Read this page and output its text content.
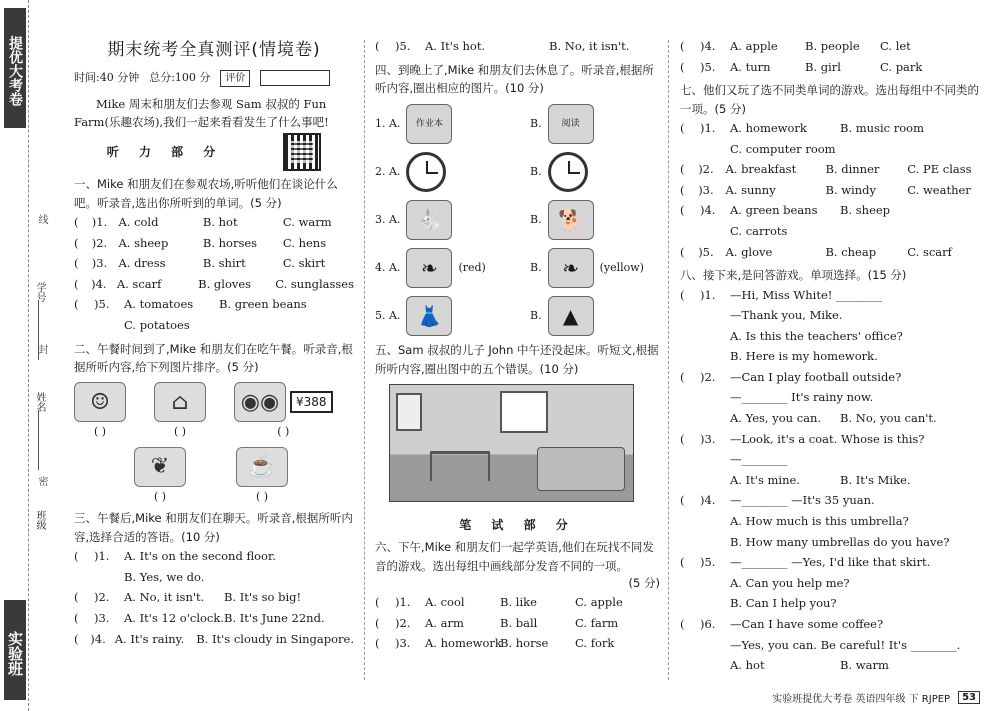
提优大考卷
线
学号
封
姓名
密
班级
实验班
期末统考全真测评(情境卷)
时间:40 分钟 总分:100 分	评价
Mike 周末和朋友们去参观 Sam 叔叔的 Fun Farm(乐趣农场),我们一起来看看发生了什么事吧!
听 力 部 分
一、Mike 和朋友们在参观农场,听听他们在谈论什么吧。听录音,选出你所听到的单词。(5 分)
(	)1. A. cold	B. hot	C. warm
(	)2. A. sheep	B. horses	C. hens
(	)3. A. dress	B. shirt	C. skirt
(	)4. A. scarf	B. gloves	C. sunglasses
(	)5.	A. tomatoes	B. green beans
C. potatoes
二、午餐时间到了,Mike 和朋友们在吃午餐。听录音,根据所听内容,给下列图片排序。(5 分)
☺
( )
⌂
( )
◉◉	¥388
( )
❦
( )
☕
( )
三、午餐后,Mike 和朋友们在聊天。听录音,根据所听内容,选择合适的答语。(10 分)
(	)1.	A. It's on the second floor.
B. Yes, we do.
(	)2.	A. No, it isn't.	B. It's so big!
(	)3.	A. It's 12 o'clock. B. It's June 22nd.
(	)4. A. It's rainy.	B. It's cloudy in Singapore.
(	)5.	A. It's hot.	B. No, it isn't.
四、到晚上了,Mike 和朋友们去休息了。听录音,根据所听内容,圈出相应的图片。(10 分)
1. A. 作业本	B. 阅读
2. A.	B.
3. A. 🐇	B. 🐕
4. A.	❧	(red)	B.	❧	(yellow)
5. A. 👗	B.	▲
五、Sam 叔叔的儿子 John 中午还没起床。听短文,根据所听内容,圈出图中的五个错误。(10 分)
笔 试 部 分
六、下午,Mike 和朋友们一起学英语,他们在玩找不同发音的游戏。选出每组中画线部分发音不同的一项。
(5 分)
(	)1.	A. cool	B. like	C. apple
(	)2.	A. arm	B. ball	C. farm
(	)3.	A. homework
B. horse	C. fork
(	)4.	A. apple	B. people	C. let
(	)5.	A. turn	B. girl	C. park
七、他们又玩了选不同类单词的游戏。选出每组中不同类的一项。(5 分)
(	)1.	A. homework	B. music room
C. computer room
(	)2.	A. breakfast	B. dinner	C. PE class
(	)3.	A. sunny	B. windy	C. weather
(	)4.	A. green beans	B. sheep
C. carrots
(	)5.	A. glove	B. cheap	C. scarf
八、接下来,是问答游戏。单项选择。(15 分)
(	)1.	—Hi, Miss White! ________
—Thank you, Mike.
A. Is this the teachers' office?
B. Here is my homework.
(	)2.	—Can I play football outside?
—________ It's rainy now.
A. Yes, you can.	B. No, you can't.
(	)3.	—Look, it's a coat. Whose is this?
—________
A. It's mine.	B. It's Mike.
(	)4.	—________ —It's 35 yuan.
A. How much is this umbrella?
B. How many umbrellas do you have?
(	)5.	—________ —Yes, I'd like that skirt.
A. Can you help me?
B. Can I help you?
(	)6.	—Can I have some coffee?
—Yes, you can. Be careful! It's ________.
A. hot	B. warm
实验班提优大考卷 英语四年级 下 RJPEP	53
